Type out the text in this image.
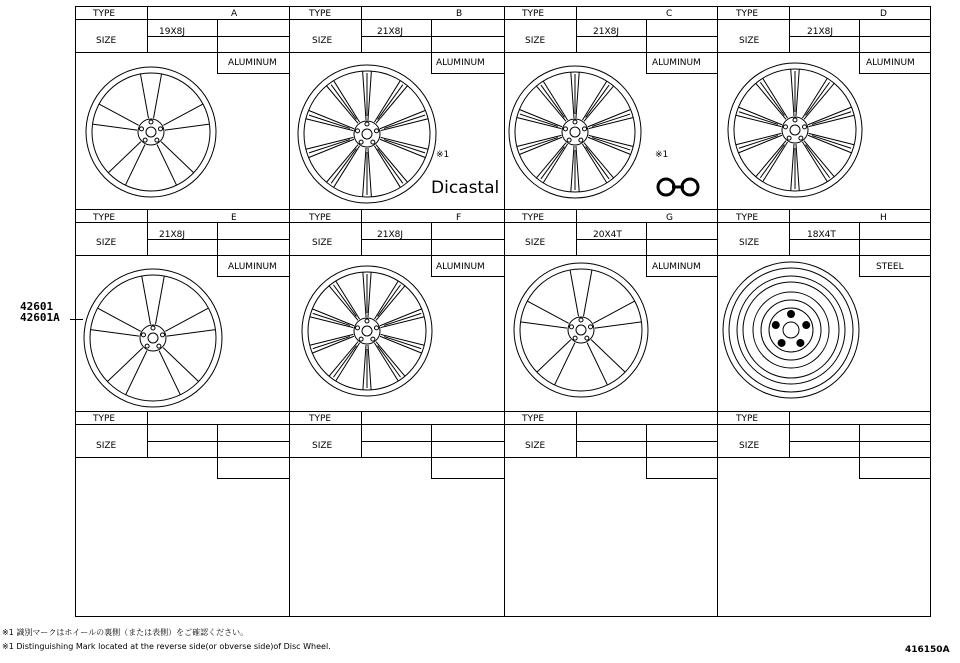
TYPE	A
SIZE
19X8J
ALUMINUM
TYPE	B
SIZE
21X8J
ALUMINUM
※1
Dicastal
TYPE	C
SIZE
21X8J
ALUMINUM
※1
TYPE	D
SIZE
21X8J
ALUMINUM
TYPE	E
SIZE
21X8J
ALUMINUM
TYPE	F
SIZE
21X8J
ALUMINUM
TYPE	G
SIZE
20X4T
ALUMINUM
TYPE	H
SIZE
18X4T
STEEL
TYPE
SIZE
TYPE
SIZE
TYPE
SIZE
TYPE
SIZE
42601
42601A
※1 識別マークはホイールの裏側（または表側）をご確認ください。
※1 Distinguishing Mark located at the reverse side(or obverse side)of Disc Wheel.	416150A
